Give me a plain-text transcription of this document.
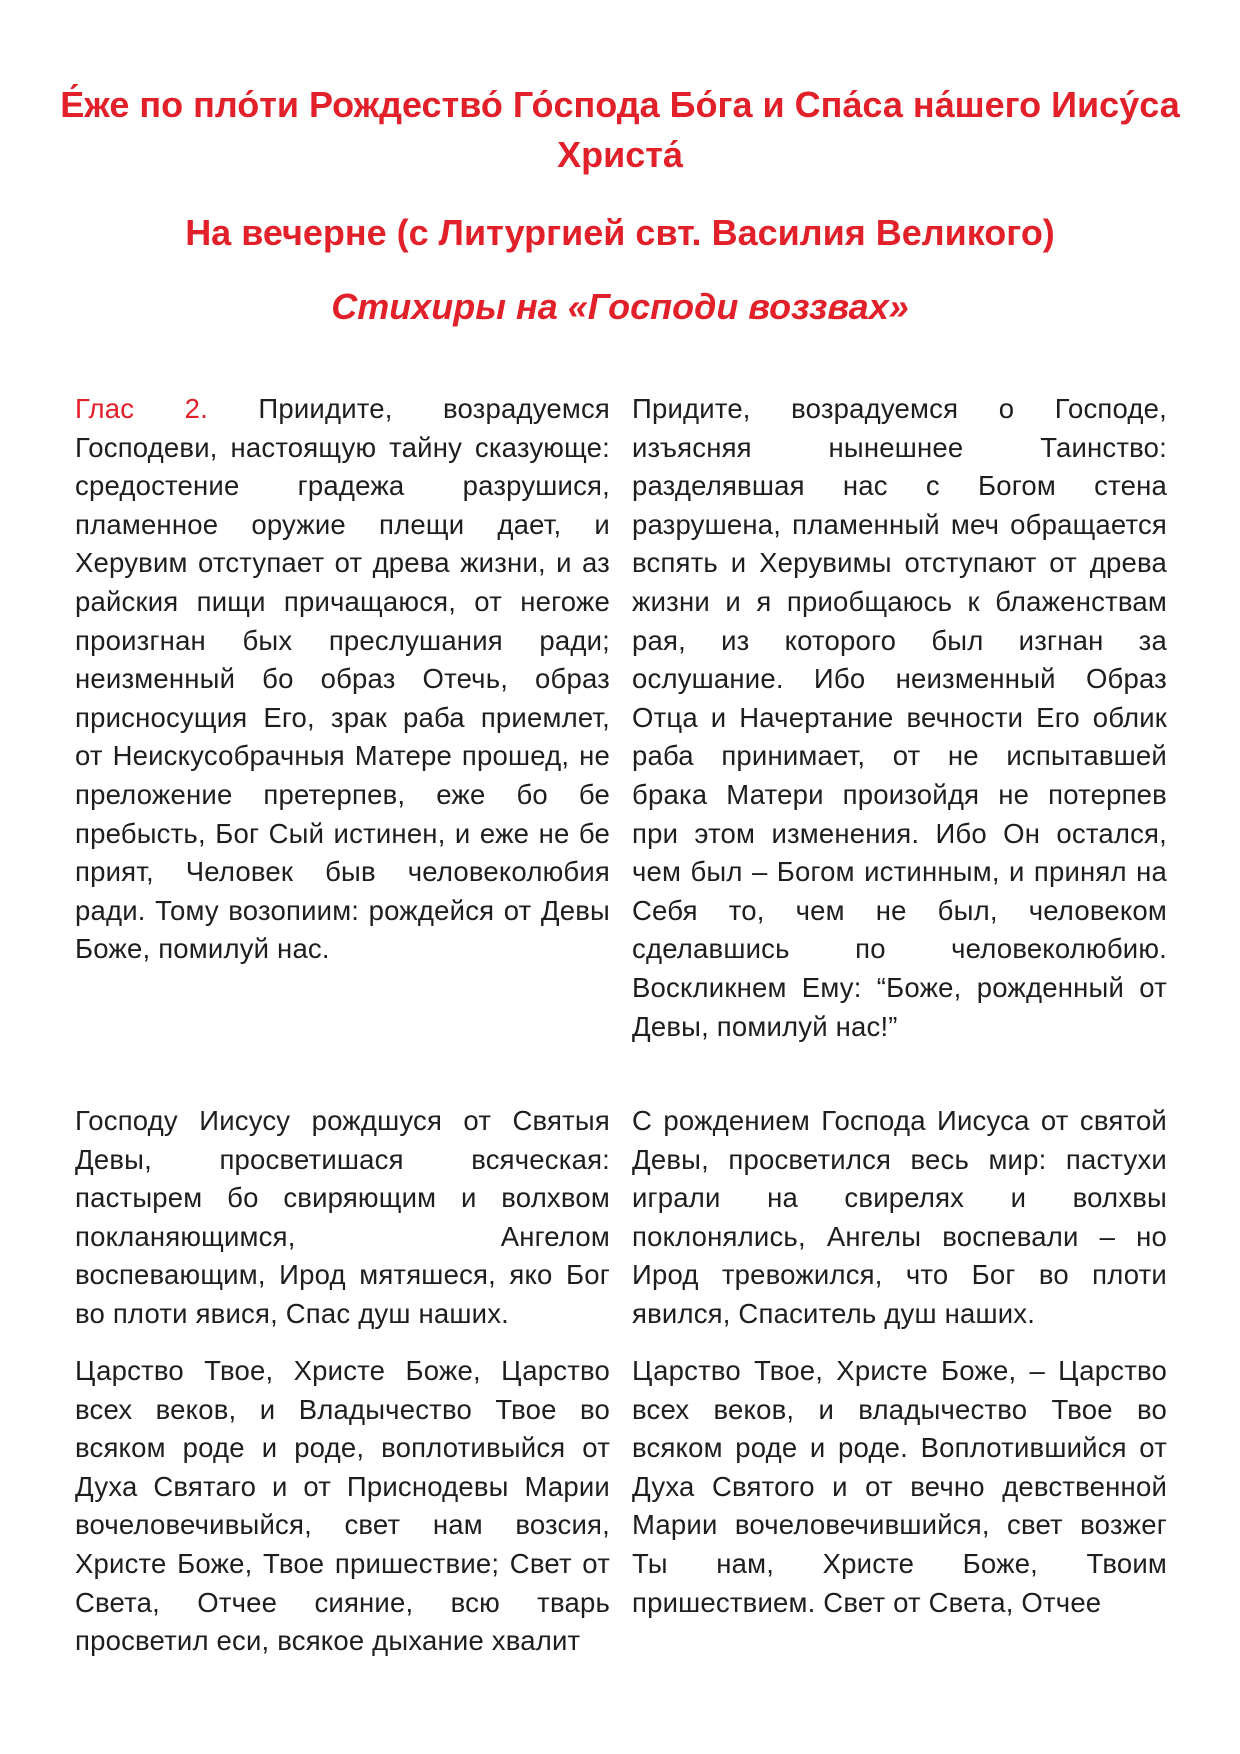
Е́же по пло́ти Рождество́ Го́спода Бо́га и Спа́са на́шего Иису́са Христа́
На вечерне (с Литургией свт. Василия Великого)
Стихиры на «Господи воззвах»
Глас 2. Приидите, возрадуемся Господеви, настоящую тайну сказующе: средостение градежа разрушися, пламенное оружие плещи дает, и Херувим отступает от древа жизни, и аз райския пищи причащаюся, от негоже произгнан бых преслушания ради; неизменный бо образ Отечь, образ присносущия Его, зрак раба приемлет, от Неискусобрачныя Матере прошед, не преложение претерпев, еже бо бе пребысть, Бог Сый истинен, и еже не бе прият, Человек быв человеколюбия ради. Тому возопиим: рождейся от Девы Боже, помилуй нас.
Придите, возрадуемся о Господе, изъясняя нынешнее Таинство: разделявшая нас с Богом стена разрушена, пламенный меч обращается вспять и Херувимы отступают от древа жизни и я приобщаюсь к блаженствам рая, из которого был изгнан за ослушание. Ибо неизменный Образ Отца и Начертание вечности Его облик раба принимает, от не испытавшей брака Матери произойдя не потерпев при этом изменения. Ибо Он остался, чем был – Богом истинным, и принял на Себя то, чем не был, человеком сделавшись по человеколюбию. Воскликнем Ему: “Боже, рожденный от Девы, помилуй нас!”
Господу Иисусу рождшуся от Святыя Девы, просветишася всяческая: пастырем бо свиряющим и волхвом покланяющимся, Ангелом воспевающим, Ирод мятяшеся, яко Бог во плоти явися, Спас душ наших.
С рождением Господа Иисуса от святой Девы, просветился весь мир: пастухи играли на свирелях и волхвы поклонялись, Ангелы воспевали – но Ирод тревожился, что Бог во плоти явился, Спаситель душ наших.
Царство Твое, Христе Боже, Царство всех веков, и Владычество Твое во всяком роде и роде, воплотивыйся от Духа Святаго и от Приснодевы Марии вочеловечивыйся, свет нам возсия, Христе Боже, Твое пришествие; Свет от Света, Отчее сияние, всю тварь просветил еси, всякое дыхание хвалит
Царство Твое, Христе Боже, – Царство всех веков, и владычество Твое во всяком роде и роде. Воплотившийся от Духа Святого и от вечно девственной Марии вочеловечившийся, свет возжег Ты нам, Христе Боже, Твоим пришествием. Свет от Света, Отчее
